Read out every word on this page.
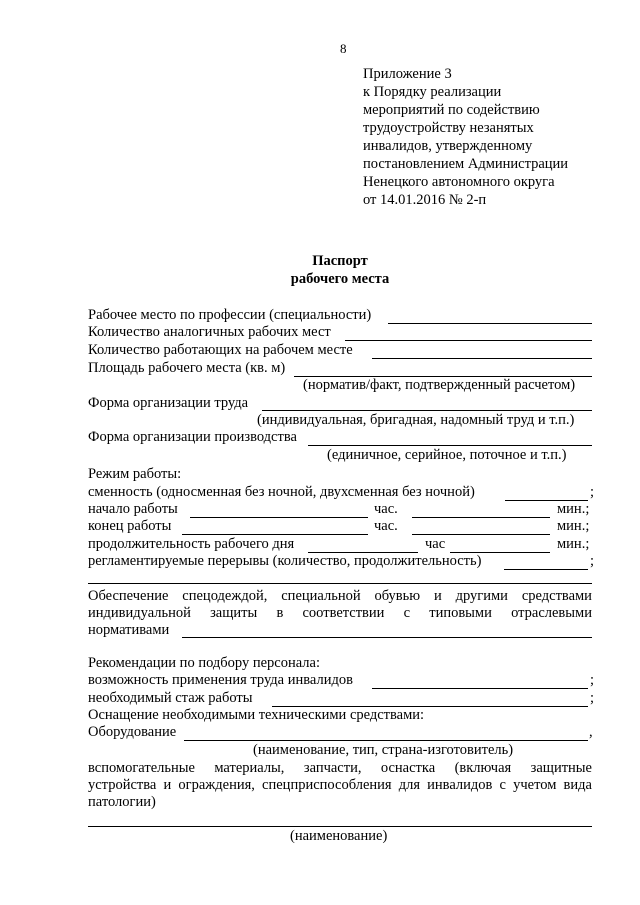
8
Приложение 3
к Порядку реализации
мероприятий по содействию
трудоустройству незанятых
инвалидов, утвержденному
постановлением Администрации
Ненецкого автономного округа
от 14.01.2016 № 2-п
Паспорт
рабочего места
Рабочее место по профессии (специальности)
Количество аналогичных рабочих мест
Количество работающих на рабочем месте
Площадь рабочего места (кв. м)
(норматив/факт, подтвержденный расчетом)
Форма организации труда
(индивидуальная, бригадная, надомный труд и т.п.)
Форма организации производства
(единичное, серийное, поточное и т.п.)
Режим работы:
сменность (односменная без ночной, двухсменная без ночной)	;
начало работы	час.	мин.;
конец работы	час.	мин.;
продолжительность рабочего дня	час	мин.;
регламентируемые перерывы (количество, продолжительность)	;
Обеспечение спецодеждой, специальной обувью и другими средствами
индивидуальной защиты в соответствии с типовыми отраслевыми
нормативами
Рекомендации по подбору персонала:
возможность применения труда инвалидов	;
необходимый стаж работы	;
Оснащение необходимыми техническими средствами:
Оборудование	,
(наименование, тип, страна-изготовитель)
вспомогательные материалы, запчасти, оснастка (включая защитные
устройства и ограждения, спецприспособления для инвалидов с учетом вида
патологии)
(наименование)
